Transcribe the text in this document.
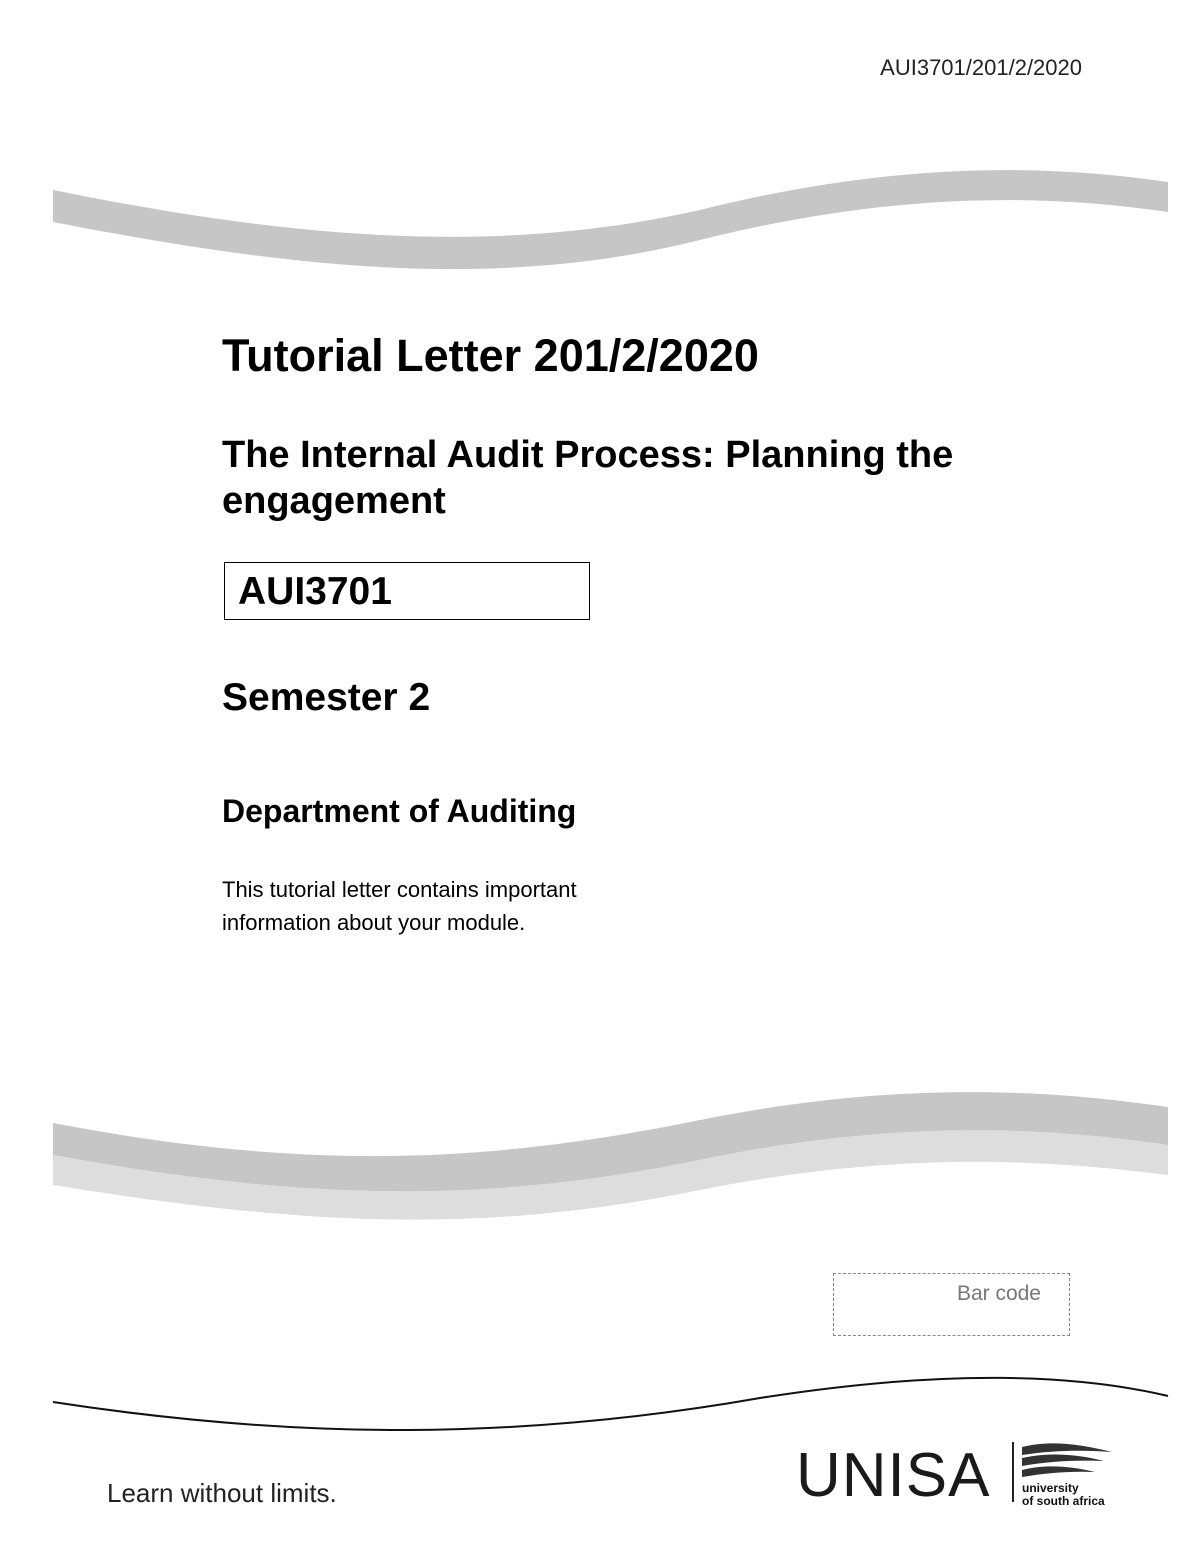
AUI3701/201/2/2020
Tutorial Letter 201/2/2020
The Internal Audit Process: Planning the engagement
AUI3701
Semester 2
Department of Auditing

This tutorial letter contains important information about your module.

Bar code
Learn without limits.	UNISA	university
of south africa
